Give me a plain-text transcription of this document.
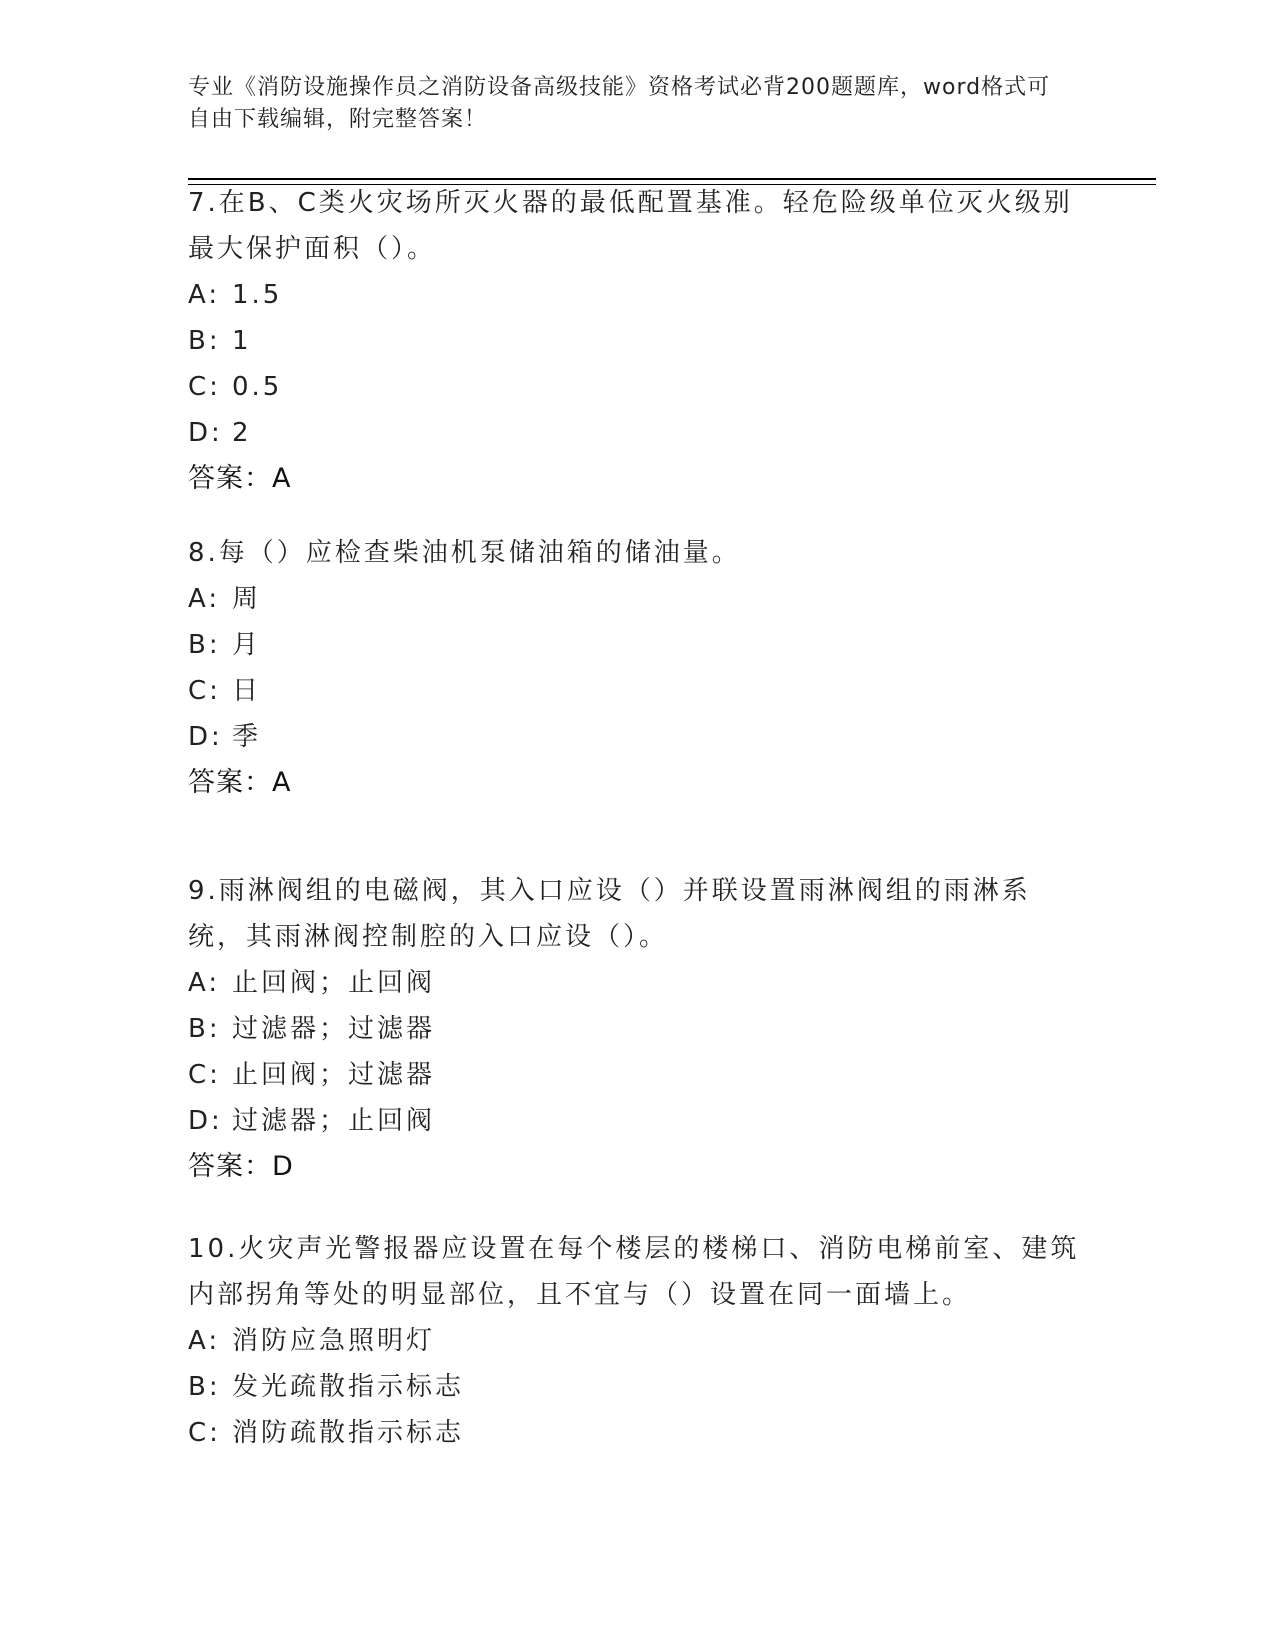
专业《消防设施操作员之消防设备高级技能》资格考试必背200题题库，word格式可自由下载编辑，附完整答案！
7.在B、C类火灾场所灭火器的最低配置基准。轻危险级单位灭火级别最大保护面积（）。
A: 1.5
B: 1
C: 0.5
D: 2
答案：A
8.每（）应检查柴油机泵储油箱的储油量。
A: 周
B: 月
C: 日
D: 季
答案：A
9.雨淋阀组的电磁阀，其入口应设（）并联设置雨淋阀组的雨淋系统，其雨淋阀控制腔的入口应设（）。
A: 止回阀；止回阀
B: 过滤器；过滤器
C: 止回阀；过滤器
D: 过滤器；止回阀
答案：D
10.火灾声光警报器应设置在每个楼层的楼梯口、消防电梯前室、建筑内部拐角等处的明显部位，且不宜与（）设置在同一面墙上。
A: 消防应急照明灯
B: 发光疏散指示标志
C: 消防疏散指示标志
